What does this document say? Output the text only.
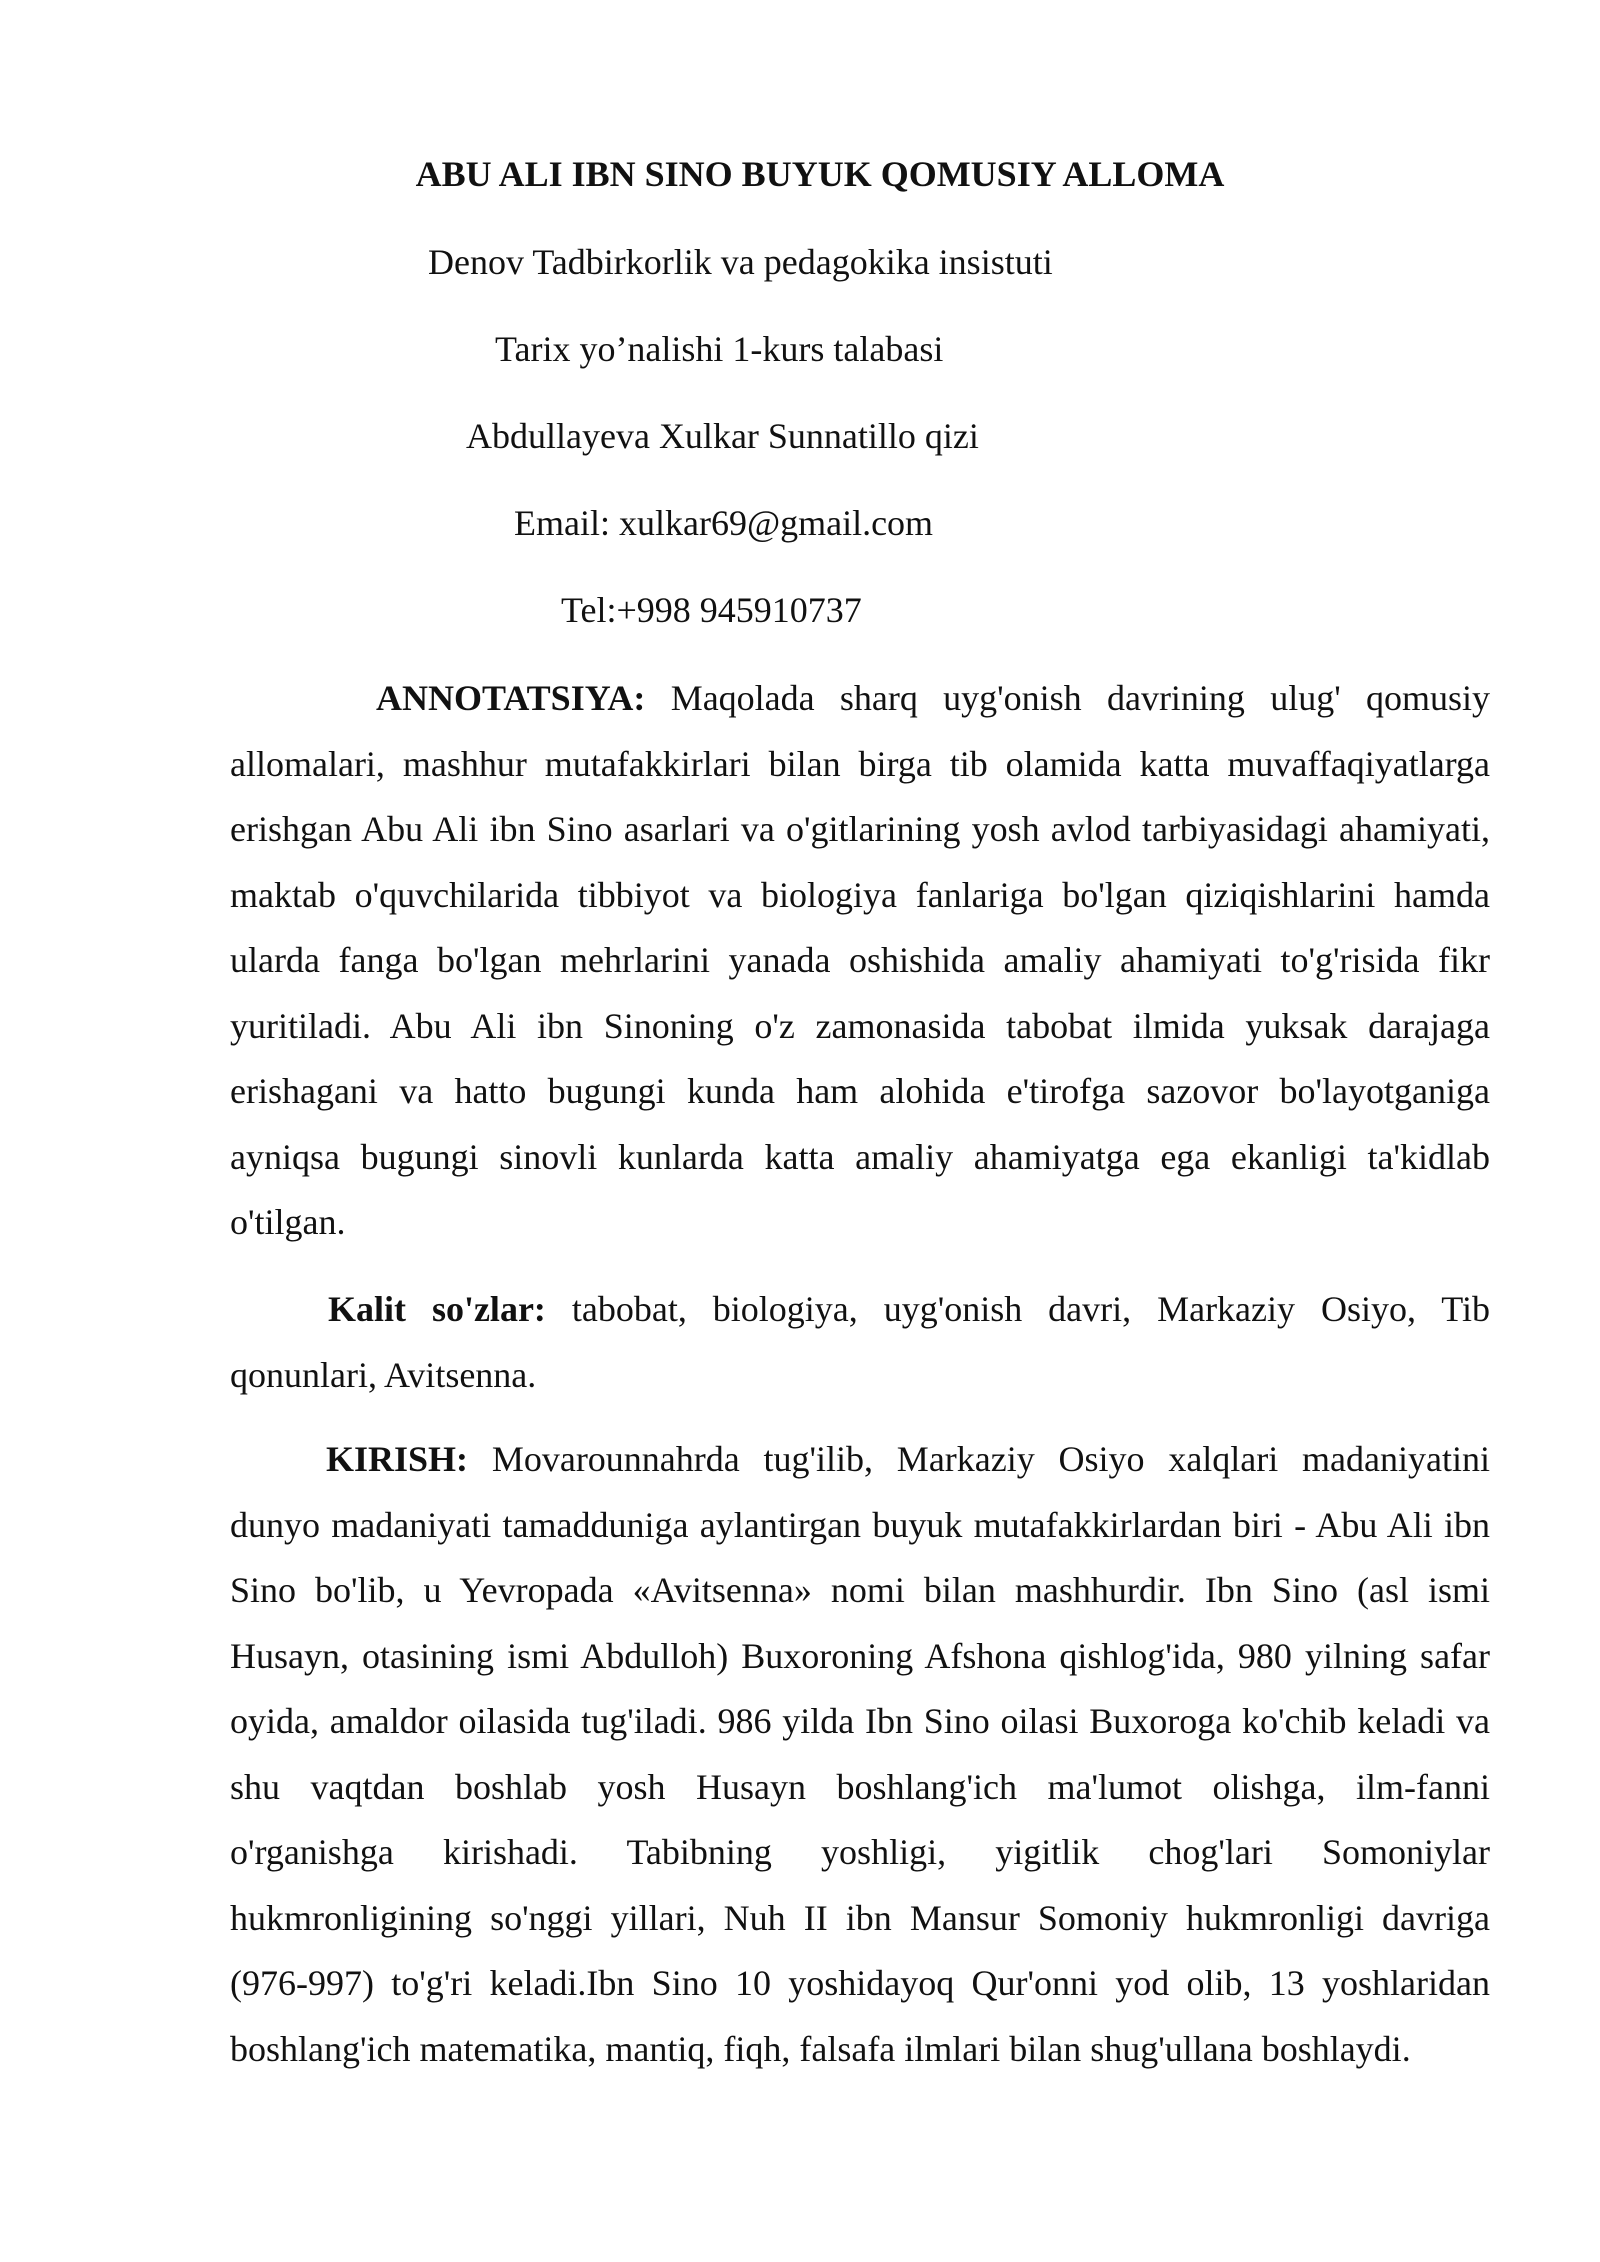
ABU ALI IBN SINO BUYUK QOMUSIY ALLOMA

Denov Tadbirkorlik va pedagokika insistuti

Tarix yo’nalishi 1-kurs talabasi

Abdullayeva Xulkar Sunnatillo qizi

Email: xulkar69@gmail.com

Tel:+998 945910737

ANNOTATSIYA: Maqolada sharq uyg'onish davrining ulug' qomusiy allomalari, mashhur mutafakkirlari bilan birga tib olamida katta muvaffaqiyatlarga erishgan Abu Ali ibn Sino asarlari va o'gitlarining yosh avlod tarbiyasidagi ahamiyati, maktab o'quvchilarida tibbiyot va biologiya fanlariga bo'lgan qiziqishlarini hamda ularda fanga bo'lgan mehrlarini yanada oshishida amaliy ahamiyati to'g'risida fikr yuritiladi. Abu Ali ibn Sinoning o'z zamonasida tabobat ilmida yuksak darajaga erishagani va hatto bugungi kunda ham alohida e'tirofga sazovor bo'layotganiga ayniqsa bugungi sinovli kunlarda katta amaliy ahamiyatga ega ekanligi ta'kidlab o'tilgan.

Kalit so'zlar: tabobat, biologiya, uyg'onish davri, Markaziy Osiyo, Tib qonunlari, Avitsenna.

KIRISH: Movarounnahrda tug'ilib, Markaziy Osiyo xalqlari madaniyatini dunyo madaniyati tamadduniga aylantirgan buyuk mutafakkirlardan biri - Abu Ali ibn Sino bo'lib, u Yevropada «Avitsenna» nomi bilan mashhurdir. Ibn Sino (asl ismi Husayn, otasining ismi Abdulloh) Buxoroning Afshona qishlog'ida, 980 yilning safar oyida, amaldor oilasida tug'iladi. 986 yilda Ibn Sino oilasi Buxoroga ko'chib keladi va shu vaqtdan boshlab yosh Husayn boshlang'ich ma'lumot olishga, ilm-fanni o'rganishga kirishadi. Tabibning yoshligi, yigitlik chog'lari Somoniylar hukmronligining so'nggi yillari, Nuh II ibn Mansur Somoniy hukmronligi davriga (976-997) to'g'ri keladi.Ibn Sino 10 yoshidayoq Qur'onni yod olib, 13 yoshlaridan boshlang'ich matematika, mantiq, fiqh, falsafa ilmlari bilan shug'ullana boshlaydi.
